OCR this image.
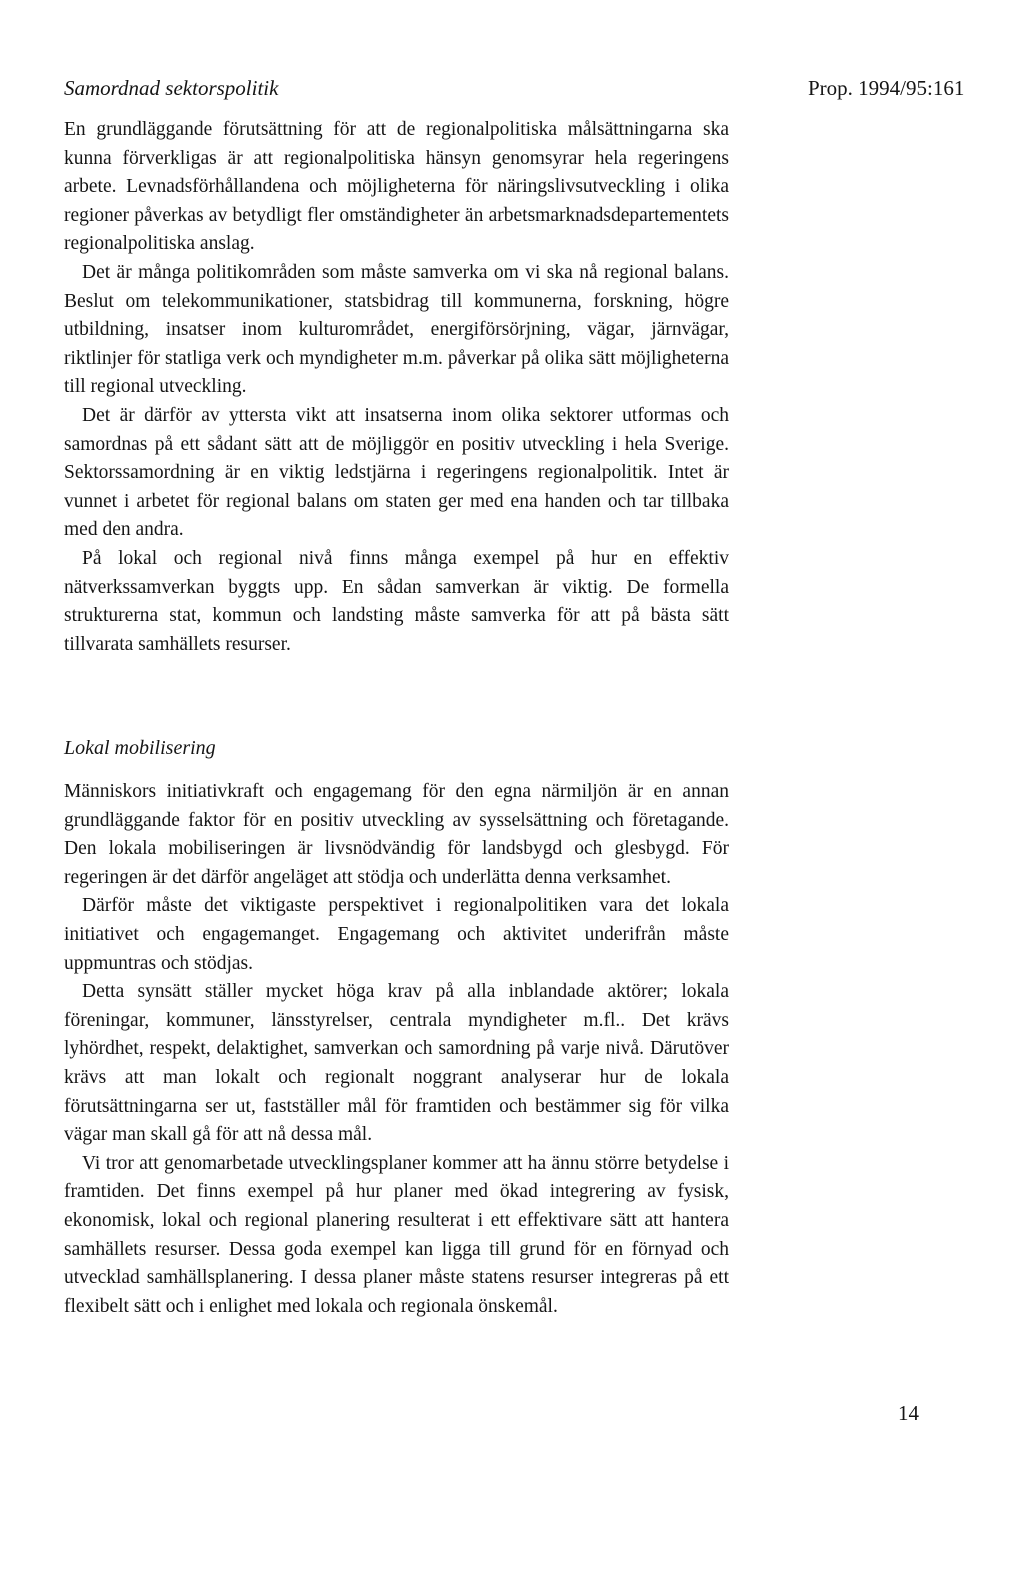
Samordnad sektorspolitik	Prop. 1994/95:161

En grundläggande förutsättning för att de regionalpolitiska målsättningarna ska kunna förverkligas är att regionalpolitiska hänsyn genomsyrar hela regeringens arbete. Levnadsförhållandena och möjligheterna för näringslivsutveckling i olika regioner påverkas av betydligt fler omständigheter än arbetsmarknadsdepartementets regionalpolitiska anslag.

Det är många politikområden som måste samverka om vi ska nå regional balans. Beslut om telekommunikationer, statsbidrag till kommunerna, forskning, högre utbildning, insatser inom kulturområdet, energiförsörjning, vägar, järnvägar, riktlinjer för statliga verk och myndigheter m.m. påverkar på olika sätt möjligheterna till regional utveckling.

Det är därför av yttersta vikt att insatserna inom olika sektorer utformas och samordnas på ett sådant sätt att de möjliggör en positiv utveckling i hela Sverige. Sektorssamordning är en viktig ledstjärna i regeringens regionalpolitik. Intet är vunnet i arbetet för regional balans om staten ger med ena handen och tar tillbaka med den andra.

På lokal och regional nivå finns många exempel på hur en effektiv nätverkssamverkan byggts upp. En sådan samverkan är viktig. De formella strukturerna stat, kommun och landsting måste samverka för att på bästa sätt tillvarata samhällets resurser.

Lokal mobilisering

Människors initiativkraft och engagemang för den egna närmiljön är en annan grundläggande faktor för en positiv utveckling av sysselsättning och företagande. Den lokala mobiliseringen är livsnödvändig för landsbygd och glesbygd. För regeringen är det därför angeläget att stödja och underlätta denna verksamhet.

Därför måste det viktigaste perspektivet i regionalpolitiken vara det lokala initiativet och engagemanget. Engagemang och aktivitet underifrån måste uppmuntras och stödjas.

Detta synsätt ställer mycket höga krav på alla inblandade aktörer; lokala föreningar, kommuner, länsstyrelser, centrala myndigheter m.fl.. Det krävs lyhördhet, respekt, delaktighet, samverkan och samordning på varje nivå. Därutöver krävs att man lokalt och regionalt noggrant analyserar hur de lokala förutsättningarna ser ut, fastställer mål för framtiden och bestämmer sig för vilka vägar man skall gå för att nå dessa mål.

Vi tror att genomarbetade utvecklingsplaner kommer att ha ännu större betydelse i framtiden. Det finns exempel på hur planer med ökad integrering av fysisk, ekonomisk, lokal och regional planering resulterat i ett effektivare sätt att hantera samhällets resurser. Dessa goda exempel kan ligga till grund för en förnyad och utvecklad samhällsplanering. I dessa planer måste statens resurser integreras på ett flexibelt sätt och i enlighet med lokala och regionala önskemål.

14
